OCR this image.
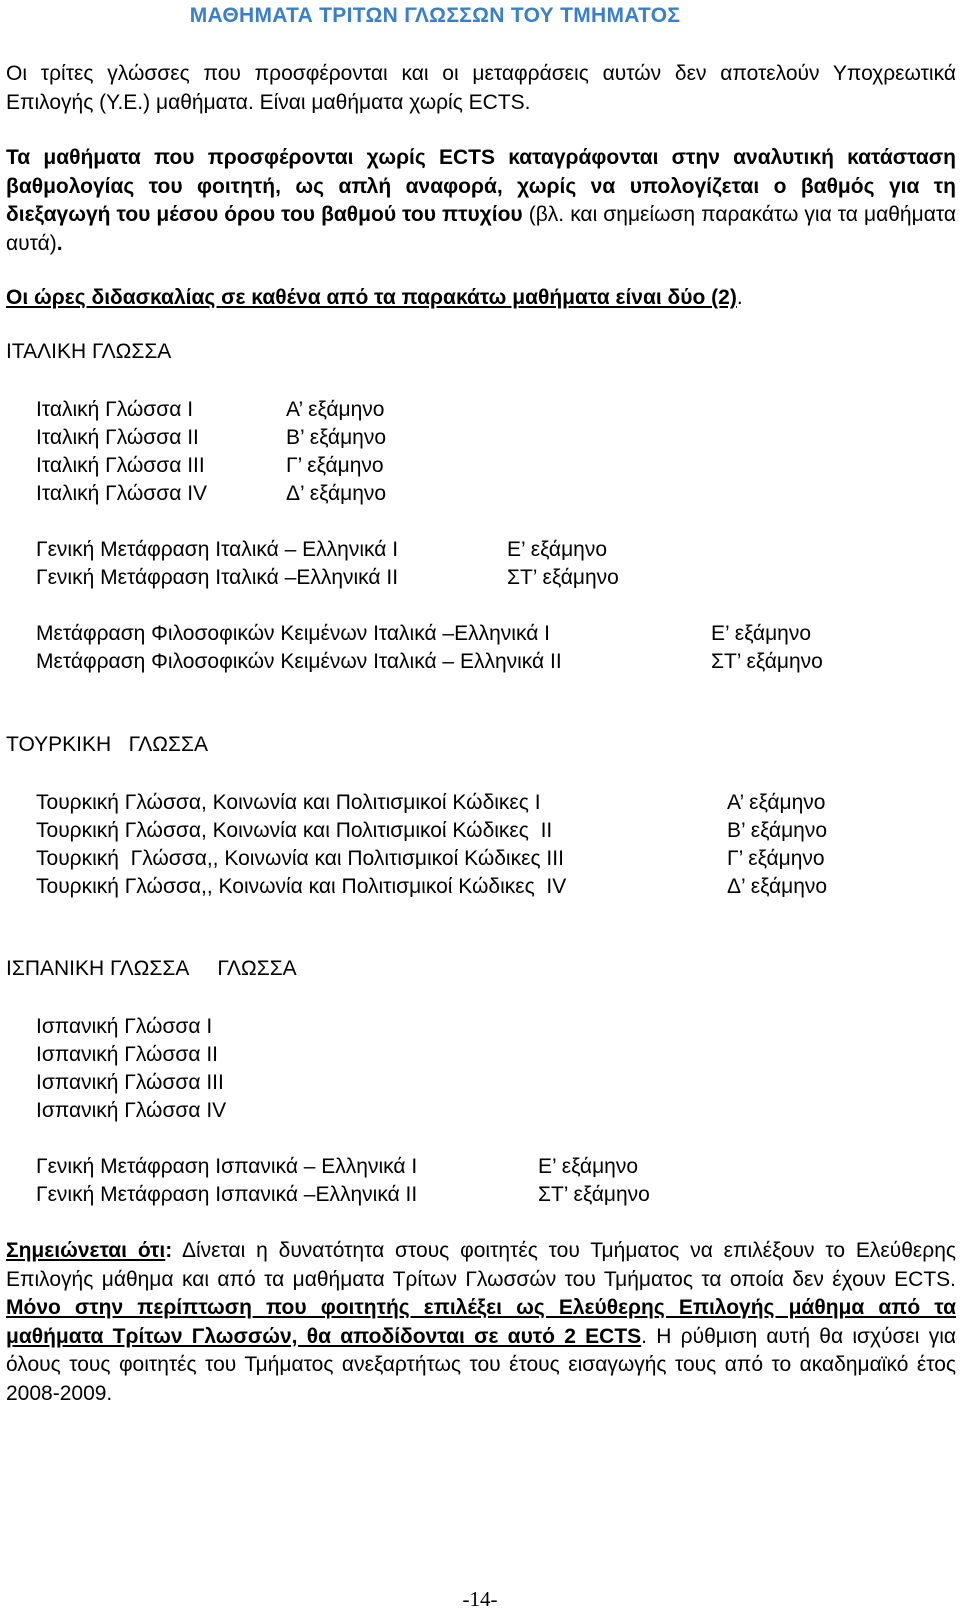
ΜΑΘΗΜΑΤΑ ΤΡΙΤΩΝ ΓΛΩΣΣΩΝ ΤΟΥ ΤΜΗΜΑΤΟΣ
Οι τρίτες γλώσσες που προσφέρονται και οι μεταφράσεις αυτών δεν αποτελούν Υποχρεωτικά Επιλογής (Υ.Ε.) μαθήματα. Είναι μαθήματα χωρίς ECTS.
Τα μαθήματα που προσφέρονται χωρίς ECTS καταγράφονται στην αναλυτική κατάσταση βαθμολογίας του φοιτητή, ως απλή αναφορά, χωρίς να υπολογίζεται ο βαθμός για τη διεξαγωγή του μέσου όρου του βαθμού του πτυχίου (βλ. και σημείωση παρακάτω για τα μαθήματα αυτά).
Οι ώρες διδασκαλίας σε καθένα από τα παρακάτω μαθήματα είναι δύο (2).
ΙΤΑΛΙΚΗ ΓΛΩΣΣΑ
Ιταλική Γλώσσα Ι	Α’ εξάμηνο
Ιταλική Γλώσσα ΙΙ	Β’ εξάμηνο
Ιταλική Γλώσσα ΙΙΙ	Γ’ εξάμηνο
Ιταλική Γλώσσα ΙV	Δ’ εξάμηνο
Γενική Μετάφραση Ιταλικά – Ελληνικά Ι	Ε’ εξάμηνο
Γενική Μετάφραση Ιταλικά –Ελληνικά ΙΙ	ΣΤ’ εξάμηνο
Μετάφραση Φιλοσοφικών Κειμένων Ιταλικά –Ελληνικά Ι	Ε’ εξάμηνο
Μετάφραση Φιλοσοφικών Κειμένων Ιταλικά – Ελληνικά ΙΙ	ΣΤ’ εξάμηνο
ΤΟΥΡΚΙΚΗ   ΓΛΩΣΣΑ
Τουρκική Γλώσσα, Κοινωνία και Πολιτισμικοί Κώδικες Ι	Α’ εξάμηνο
Τουρκική Γλώσσα, Κοινωνία και Πολιτισμικοί Κώδικες  ΙΙ	Β’ εξάμηνο
Τουρκική  Γλώσσα,, Κοινωνία και Πολιτισμικοί Κώδικες ΙΙΙ	Γ’ εξάμηνο
Τουρκική Γλώσσα,, Κοινωνία και Πολιτισμικοί Κώδικες  ΙV	Δ’ εξάμηνο
ΙΣΠΑΝΙΚΗ ΓΛΩΣΣΑ     ΓΛΩΣΣΑ
Ισπανική Γλώσσα Ι
Ισπανική Γλώσσα ΙΙ
Ισπανική Γλώσσα ΙΙΙ
Ισπανική Γλώσσα ΙV
Γενική Μετάφραση Ισπανικά – Ελληνικά Ι	Ε’ εξάμηνο
Γενική Μετάφραση Ισπανικά –Ελληνικά ΙΙ	ΣΤ’ εξάμηνο
Σημειώνεται ότι: Δίνεται η δυνατότητα στους φοιτητές του Τμήματος να επιλέξουν το Ελεύθερης Επιλογής μάθημα και από τα μαθήματα Τρίτων Γλωσσών του Τμήματος τα οποία δεν έχουν ECTS. Μόνο στην περίπτωση που φοιτητής επιλέξει ως Ελεύθερης Επιλογής μάθημα από τα μαθήματα Τρίτων Γλωσσών, θα αποδίδονται σε αυτό 2 ECTS. Η ρύθμιση αυτή θα ισχύσει για όλους τους φοιτητές του Τμήματος ανεξαρτήτως του έτους εισαγωγής τους από το ακαδημαϊκό έτος 2008-2009.
-14-
